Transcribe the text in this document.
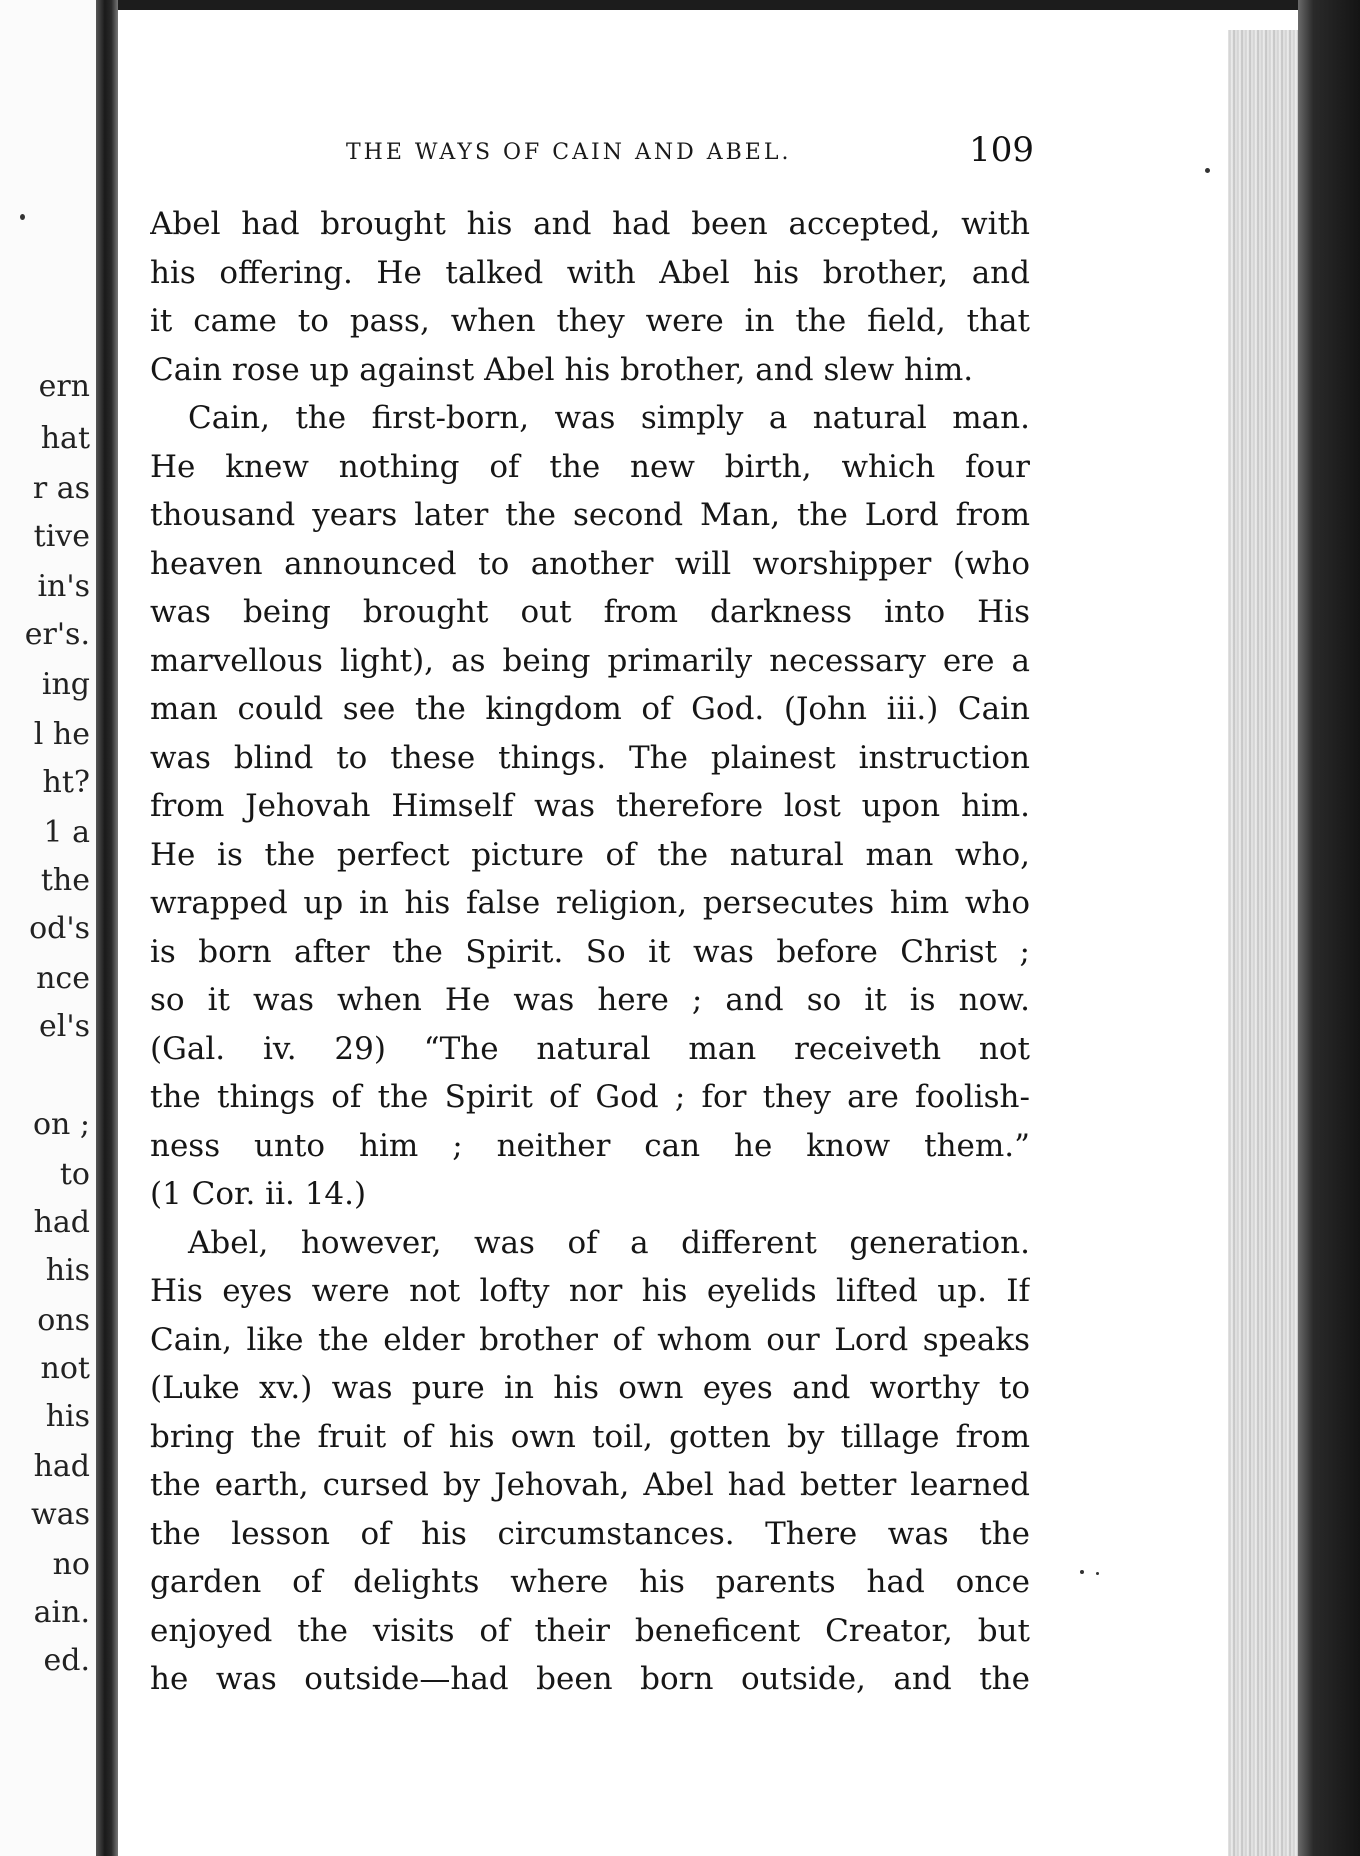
ern
hat
r as
tive
in's
er's.
ing
l he
ht?
1 a
the
od's
nce
el's
on ;
to
had
his
ons
not
his
had
was
no
ain.
ed.
THE WAYS OF CAIN AND ABEL.	109
Abel had brought his and had been accepted, with
his offering. He talked with Abel his brother, and
it came to pass, when they were in the field, that
Cain rose up against Abel his brother, and slew him.
Cain, the first-born, was simply a natural man.
He knew nothing of the new birth, which four
thousand years later the second Man, the Lord from
heaven announced to another will worshipper (who
was being brought out from darkness into His
marvellous light), as being primarily necessary ere a
man could see the kingdom of God. (John iii.) Cain
was blind to these things. The plainest instruction
from Jehovah Himself was therefore lost upon him.
He is the perfect picture of the natural man who,
wrapped up in his false religion, persecutes him who
is born after the Spirit. So it was before Christ ;
so it was when He was here ; and so it is now.
(Gal. iv. 29) “The natural man receiveth not
the things of the Spirit of God ; for they are foolish-
ness unto him ; neither can he know them.”
(1 Cor. ii. 14.)
Abel, however, was of a different generation.
His eyes were not lofty nor his eyelids lifted up. If
Cain, like the elder brother of whom our Lord speaks
(Luke xv.) was pure in his own eyes and worthy to
bring the fruit of his own toil, gotten by tillage from
the earth, cursed by Jehovah, Abel had better learned
the lesson of his circumstances. There was the
garden of delights where his parents had once
enjoyed the visits of their beneficent Creator, but
he was outside—had been born outside, and the
